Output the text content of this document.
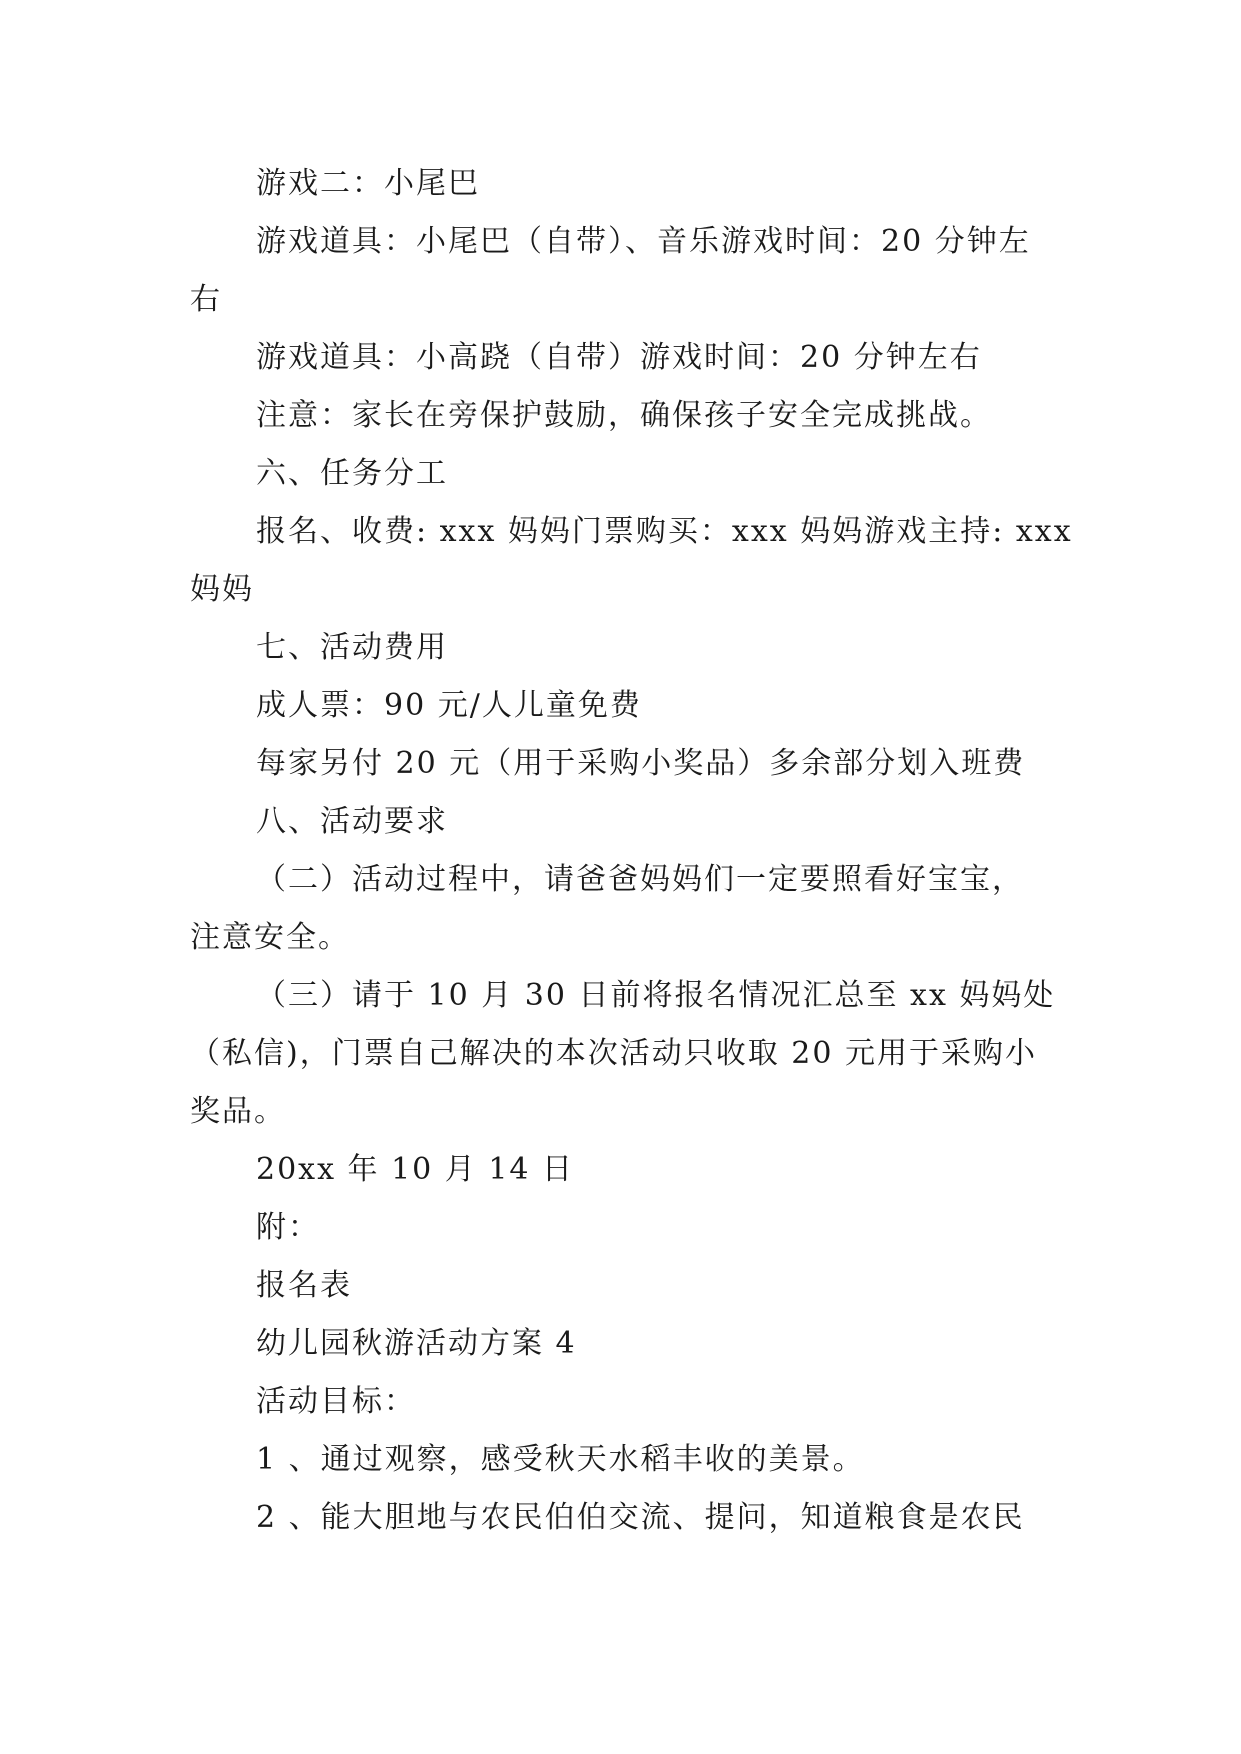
游戏二：小尾巴
游戏道具：小尾巴（自带）、音乐游戏时间：20 分钟左
右
游戏道具：小高跷（自带）游戏时间：20 分钟左右
注意：家长在旁保护鼓励，确保孩子安全完成挑战。
六、任务分工
报名、收费: xxx 妈妈门票购买：xxx 妈妈游戏主持: xxx
妈妈
七、活动费用
成人票：90 元/人儿童免费
每家另付 20 元（用于采购小奖品）多余部分划入班费
八、活动要求
（二）活动过程中，请爸爸妈妈们一定要照看好宝宝，
注意安全。
（三）请于 10 月 30 日前将报名情况汇总至 xx 妈妈处
（私信)，门票自己解决的本次活动只收取 20 元用于采购小
奖品。
20xx 年 10 月 14 日
附：
报名表
幼儿园秋游活动方案 4
活动目标：
1 、通过观察，感受秋天水稻丰收的美景。
2 、能大胆地与农民伯伯交流、提问，知道粮食是农民
